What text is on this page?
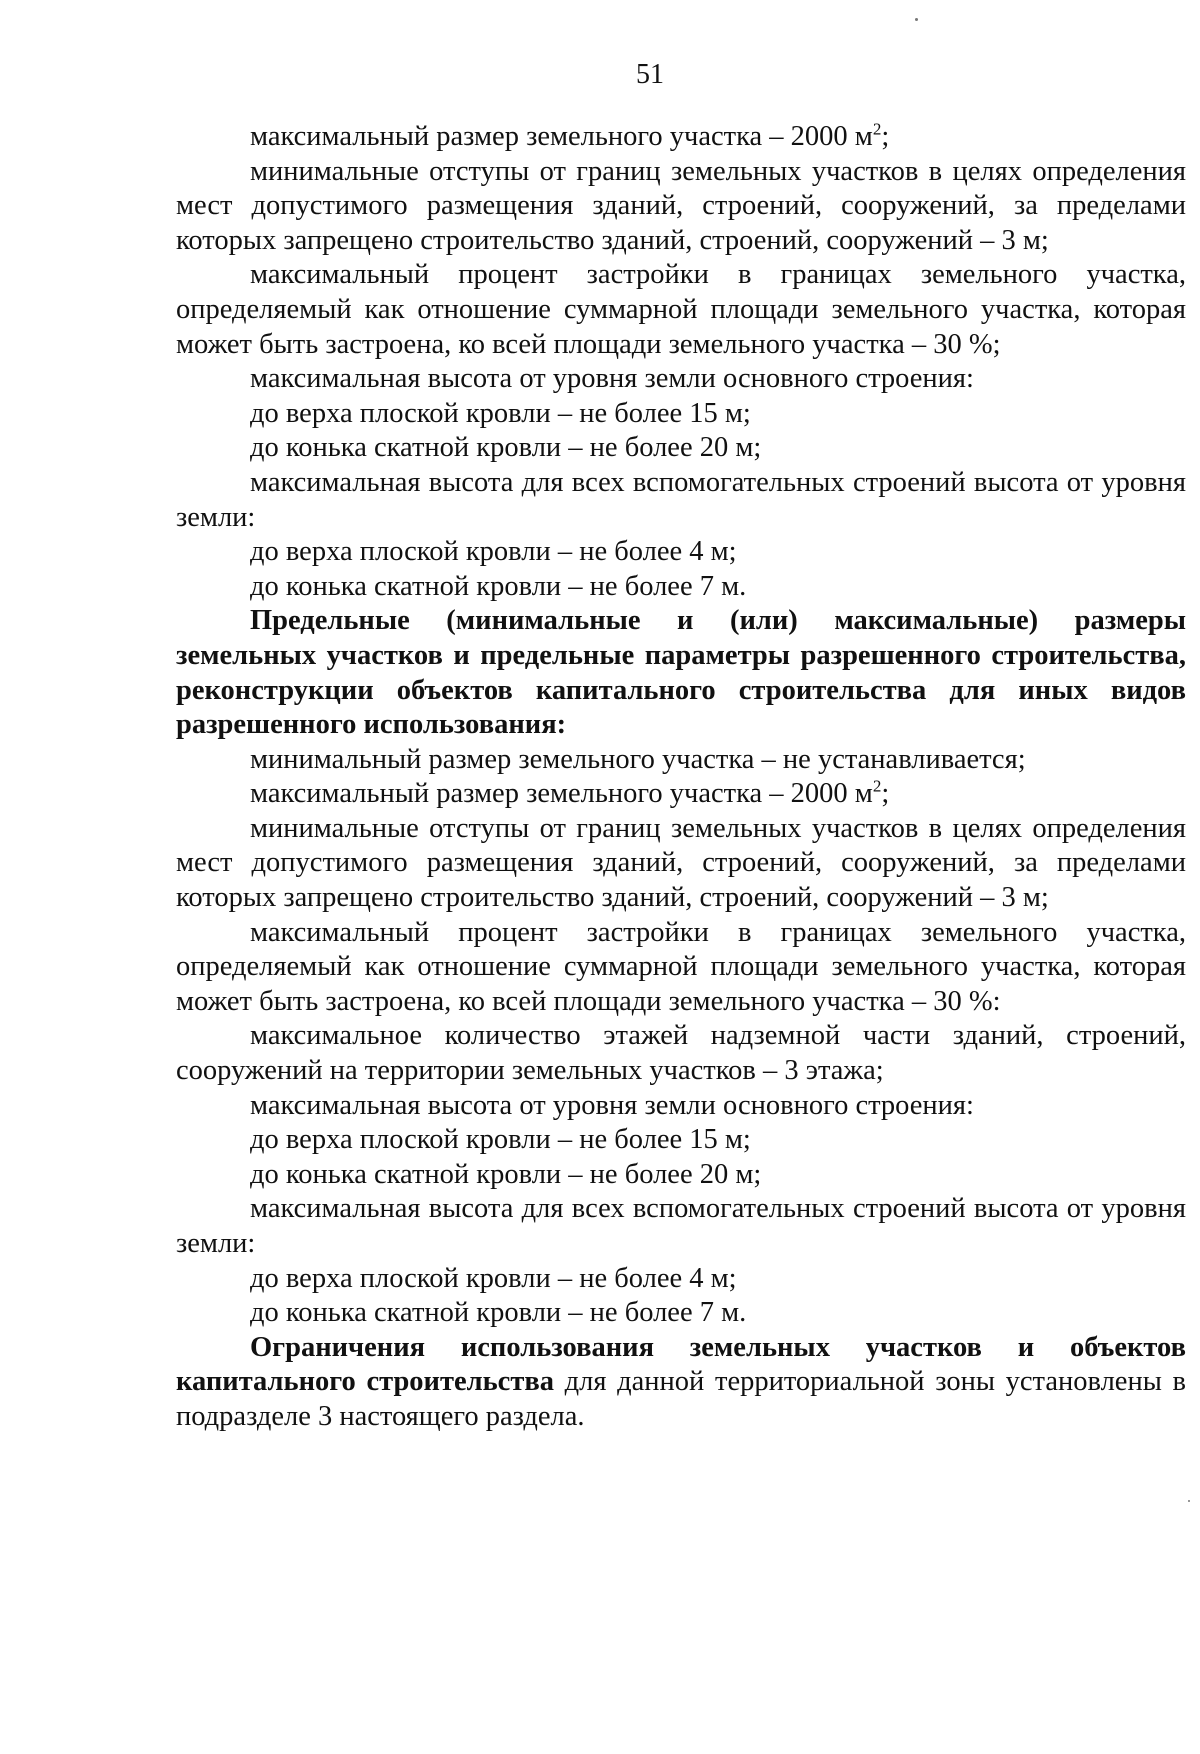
51

максимальный размер земельного участка – 2000 $м^2$;

минимальные отступы от границ земельных участков в целях определения мест допустимого размещения зданий, строений, сооружений, за пределами которых запрещено строительство зданий, строений, сооружений – 3 м;

максимальный процент застройки в границах земельного участка, определяемый как отношение суммарной площади земельного участка, которая может быть застроена, ко всей площади земельного участка – 30 %;

максимальная высота от уровня земли основного строения:

до верха плоской кровли – не более 15 м;

до конька скатной кровли – не более 20 м;

максимальная высота для всех вспомогательных строений высота от уровня земли:

до верха плоской кровли – не более 4 м;

до конька скатной кровли – не более 7 м.

Предельные (минимальные и (или) максимальные) размеры земельных участков и предельные параметры разрешенного строительства, реконструкции объектов капитального строительства для иных видов разрешенного использования:

минимальный размер земельного участка – не устанавливается;

максимальный размер земельного участка – 2000 $м^2$;

минимальные отступы от границ земельных участков в целях определения мест допустимого размещения зданий, строений, сооружений, за пределами которых запрещено строительство зданий, строений, сооружений – 3 м;

максимальный процент застройки в границах земельного участка, определяемый как отношение суммарной площади земельного участка, которая может быть застроена, ко всей площади земельного участка – 30 %:

максимальное количество этажей надземной части зданий, строений, сооружений на территории земельных участков – 3 этажа;

максимальная высота от уровня земли основного строения:

до верха плоской кровли – не более 15 м;

до конька скатной кровли – не более 20 м;

максимальная высота для всех вспомогательных строений высота от уровня земли:

до верха плоской кровли – не более 4 м;

до конька скатной кровли – не более 7 м.

Ограничения использования земельных участков и объектов капитального строительства для данной территориальной зоны установлены в подразделе 3 настоящего раздела.
